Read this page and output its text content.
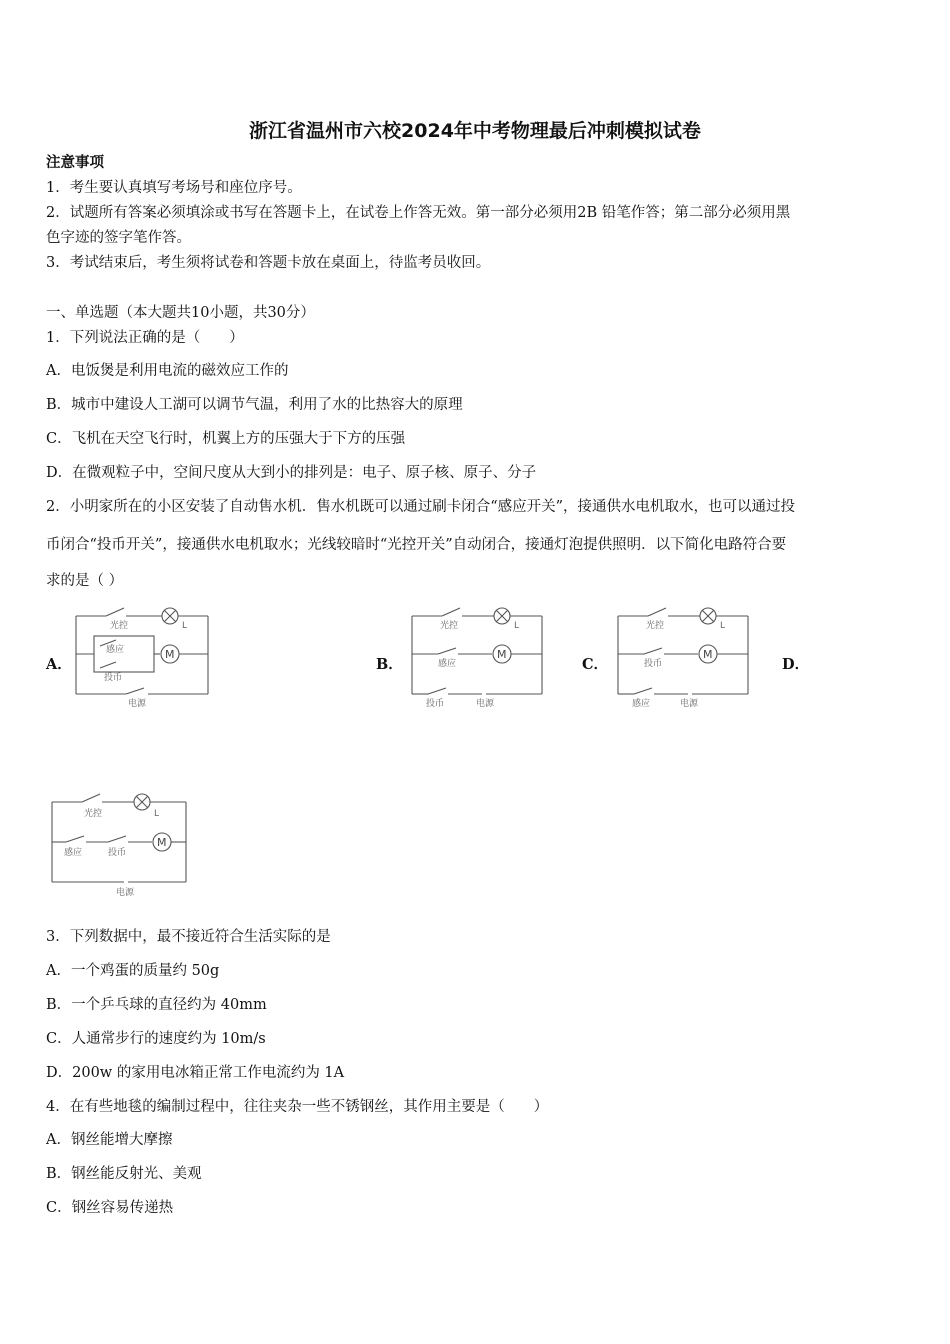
浙江省温州市六校2024年中考物理最后冲刺模拟试卷
注意事项
1．考生要认真填写考场号和座位序号。
2．试题所有答案必须填涂或书写在答题卡上，在试卷上作答无效。第一部分必须用2B 铅笔作答；第二部分必须用黑
色字迹的签字笔作答。
3．考试结束后，考生须将试卷和答题卡放在桌面上，待监考员收回。
一、单选题（本大题共10小题，共30分）
1．下列说法正确的是（　　）
A．电饭煲是利用电流的磁效应工作的
B．城市中建设人工湖可以调节气温，利用了水的比热容大的原理
C．飞机在天空飞行时，机翼上方的压强大于下方的压强
D．在微观粒子中，空间尺度从大到小的排列是：电子、原子核、原子、分子
2．小明家所在的小区安装了自动售水机．售水机既可以通过刷卡闭合“感应开关”，接通供水电机取水，也可以通过投
币闭合“投币开关”，接通供水电机取水；光线较暗时“光控开关”自动闭合，接通灯泡提供照明．以下简化电路符合要
求的是（ ）
A．	B．	C．	D．
M
光控	L
感应
投币
电源
M
光控	L
感应
投币	电源
M
光控	L
投币
感应	电源
M
光控	L
感应	投币
电源
3．下列数据中，最不接近符合生活实际的是
A．一个鸡蛋的质量约 50g
B．一个乒乓球的直径约为 40mm
C．人通常步行的速度约为 10m/s
D．200w 的家用电冰箱正常工作电流约为 1A
4．在有些地毯的编制过程中，往往夹杂一些不锈钢丝，其作用主要是（　　）
A．钢丝能增大摩擦
B．钢丝能反射光、美观
C．钢丝容易传递热
